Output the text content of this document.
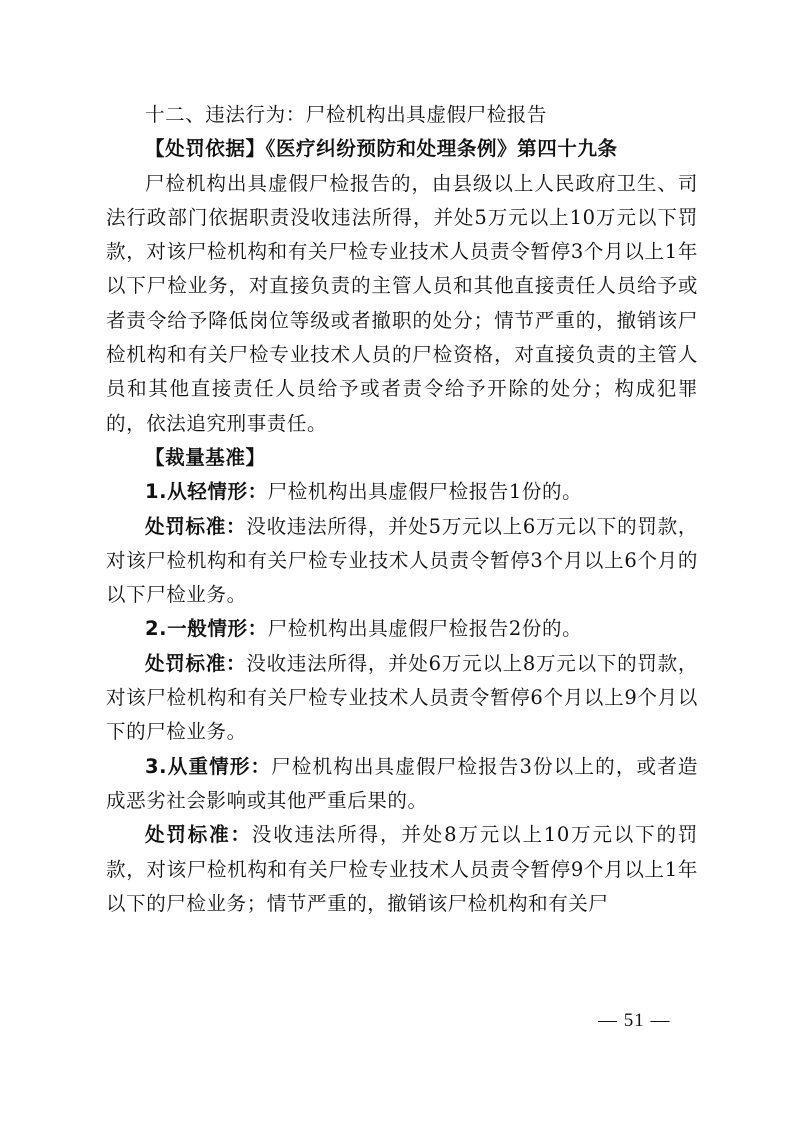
十二、违法行为：尸检机构出具虚假尸检报告

【处罚依据】《医疗纠纷预防和处理条例》第四十九条

尸检机构出具虚假尸检报告的，由县级以上人民政府卫生、司法行政部门依据职责没收违法所得，并处5万元以上10万元以下罚款，对该尸检机构和有关尸检专业技术人员责令暂停3个月以上1年以下尸检业务，对直接负责的主管人员和其他直接责任人员给予或者责令给予降低岗位等级或者撤职的处分；情节严重的，撤销该尸检机构和有关尸检专业技术人员的尸检资格，对直接负责的主管人员和其他直接责任人员给予或者责令给予开除的处分；构成犯罪的，依法追究刑事责任。

【裁量基准】

1.从轻情形：尸检机构出具虚假尸检报告1份的。

处罚标准：没收违法所得，并处5万元以上6万元以下的罚款，对该尸检机构和有关尸检专业技术人员责令暂停3个月以上6个月的以下尸检业务。

2.一般情形：尸检机构出具虚假尸检报告2份的。

处罚标准：没收违法所得，并处6万元以上8万元以下的罚款，对该尸检机构和有关尸检专业技术人员责令暂停6个月以上9个月以下的尸检业务。

3.从重情形：尸检机构出具虚假尸检报告3份以上的，或者造成恶劣社会影响或其他严重后果的。

处罚标准：没收违法所得，并处8万元以上10万元以下的罚款，对该尸检机构和有关尸检专业技术人员责令暂停9个月以上1年以下的尸检业务；情节严重的，撤销该尸检机构和有关尸

— 51 —
